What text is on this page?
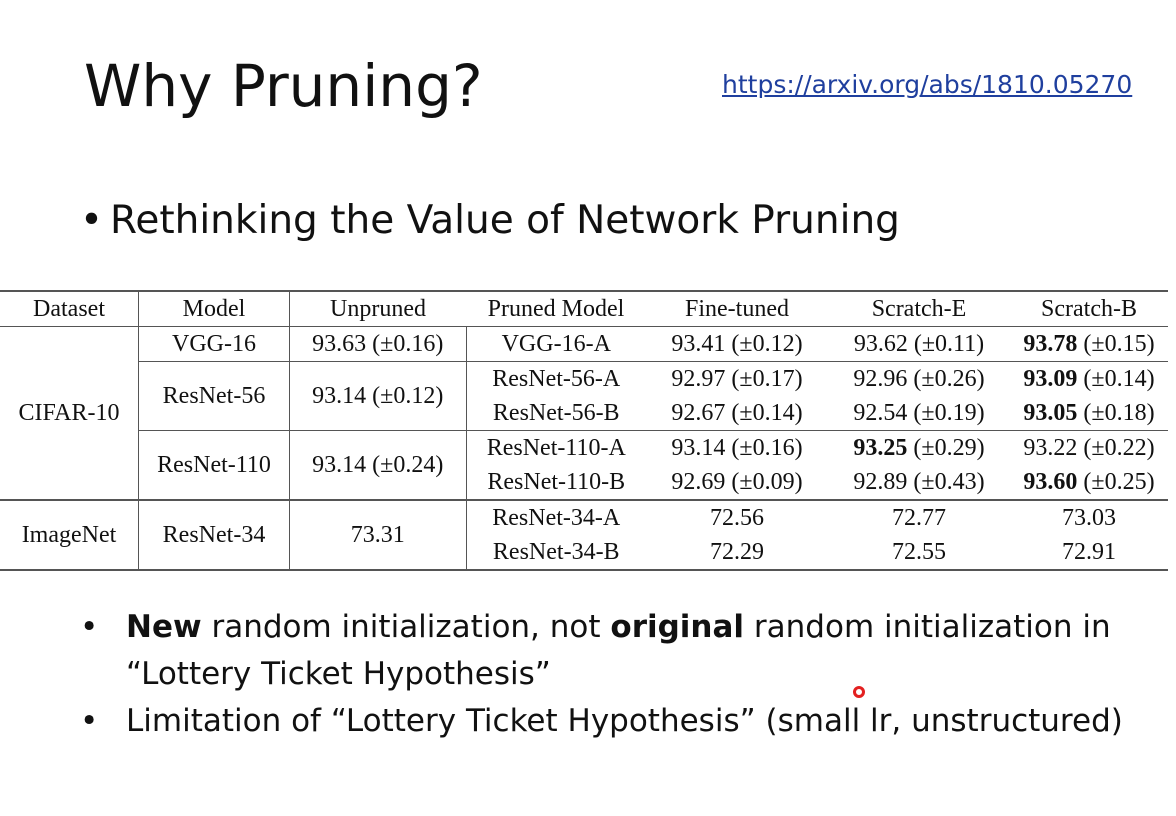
Why Pruning?	https://arxiv.org/abs/1810.05270
• Rethinking the Value of Network Pruning
Dataset	Model	Unpruned	Pruned Model	Fine-tuned	Scratch-E	Scratch-B
CIFAR-10	VGG-16	93.63 (±0.16)	VGG-16-A	93.41 (±0.12)	93.62 (±0.11)	93.78 (±0.15)
	ResNet-56	93.14 (±0.12)	ResNet-56-A	92.97 (±0.17)	92.96 (±0.26)	93.09 (±0.14)
			ResNet-56-B	92.67 (±0.14)	92.54 (±0.19)	93.05 (±0.18)
	ResNet-110	93.14 (±0.24)	ResNet-110-A	93.14 (±0.16)	93.25 (±0.29)	93.22 (±0.22)
			ResNet-110-B	92.69 (±0.09)	92.89 (±0.43)	93.60 (±0.25)
ImageNet	ResNet-34	73.31	ResNet-34-A	72.56	72.77	73.03
			ResNet-34-B	72.29	72.55	72.91
• New random initialization, not original random initialization in “Lottery Ticket Hypothesis”
• Limitation of “Lottery Ticket Hypothesis” (small lr, unstructured)
